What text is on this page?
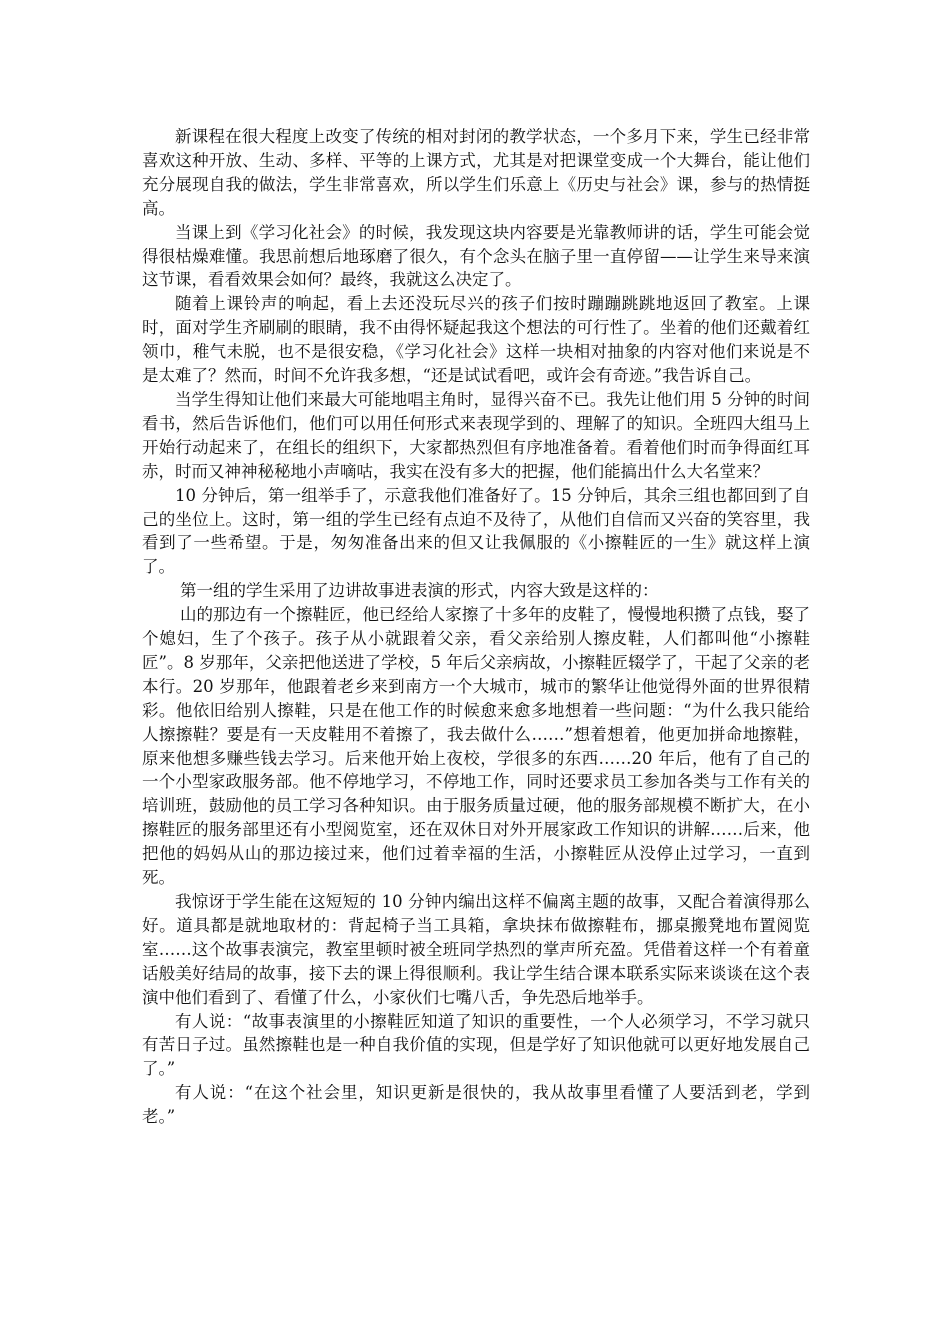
新课程在很大程度上改变了传统的相对封闭的教学状态，一个多月下来，学生已经非常喜欢这种开放、生动、多样、平等的上课方式，尤其是对把课堂变成一个大舞台，能让他们充分展现自我的做法，学生非常喜欢，所以学生们乐意上《历史与社会》课，参与的热情挺高。

当课上到《学习化社会》的时候，我发现这块内容要是光靠教师讲的话，学生可能会觉得很枯燥难懂。我思前想后地琢磨了很久，有个念头在脑子里一直停留——让学生来导来演这节课，看看效果会如何？最终，我就这么决定了。

随着上课铃声的响起，看上去还没玩尽兴的孩子们按时蹦蹦跳跳地返回了教室。上课时，面对学生齐刷刷的眼睛，我不由得怀疑起我这个想法的可行性了。坐着的他们还戴着红领巾，稚气未脱，也不是很安稳，《学习化社会》这样一块相对抽象的内容对他们来说是不是太难了？然而，时间不允许我多想，“还是试试看吧，或许会有奇迹。”我告诉自己。

当学生得知让他们来最大可能地唱主角时，显得兴奋不已。我先让他们用 5 分钟的时间看书，然后告诉他们，他们可以用任何形式来表现学到的、理解了的知识。全班四大组马上开始行动起来了，在组长的组织下，大家都热烈但有序地准备着。看着他们时而争得面红耳赤，时而又神神秘秘地小声嘀咕，我实在没有多大的把握，他们能搞出什么大名堂来？

10 分钟后，第一组举手了，示意我他们准备好了。15 分钟后，其余三组也都回到了自己的坐位上。这时，第一组的学生已经有点迫不及待了，从他们自信而又兴奋的笑容里，我看到了一些希望。于是，匆匆准备出来的但又让我佩服的《小擦鞋匠的一生》就这样上演了。

第一组的学生采用了边讲故事进表演的形式，内容大致是这样的：

山的那边有一个擦鞋匠，他已经给人家擦了十多年的皮鞋了，慢慢地积攒了点钱，娶了个媳妇，生了个孩子。孩子从小就跟着父亲，看父亲给别人擦皮鞋，人们都叫他“小擦鞋匠”。8 岁那年，父亲把他送进了学校，5 年后父亲病故，小擦鞋匠辍学了，干起了父亲的老本行。20 岁那年，他跟着老乡来到南方一个大城市，城市的繁华让他觉得外面的世界很精彩。他依旧给别人擦鞋，只是在他工作的时候愈来愈多地想着一些问题：“为什么我只能给人擦擦鞋？要是有一天皮鞋用不着擦了，我去做什么……”想着想着，他更加拼命地擦鞋，原来他想多赚些钱去学习。后来他开始上夜校，学很多的东西……20 年后，他有了自己的一个小型家政服务部。他不停地学习，不停地工作，同时还要求员工参加各类与工作有关的培训班，鼓励他的员工学习各种知识。由于服务质量过硬，他的服务部规模不断扩大，在小擦鞋匠的服务部里还有小型阅览室，还在双休日对外开展家政工作知识的讲解……后来，他把他的妈妈从山的那边接过来，他们过着幸福的生活，小擦鞋匠从没停止过学习，一直到死。

我惊讶于学生能在这短短的 10 分钟内编出这样不偏离主题的故事，又配合着演得那么好。道具都是就地取材的：背起椅子当工具箱，拿块抹布做擦鞋布，挪桌搬凳地布置阅览室……这个故事表演完，教室里顿时被全班同学热烈的掌声所充盈。凭借着这样一个有着童话般美好结局的故事，接下去的课上得很顺利。我让学生结合课本联系实际来谈谈在这个表演中他们看到了、看懂了什么，小家伙们七嘴八舌，争先恐后地举手。

有人说：“故事表演里的小擦鞋匠知道了知识的重要性，一个人必须学习，不学习就只有苦日子过。虽然擦鞋也是一种自我价值的实现，但是学好了知识他就可以更好地发展自己了。”

有人说：“在这个社会里，知识更新是很快的，我从故事里看懂了人要活到老，学到老。”
